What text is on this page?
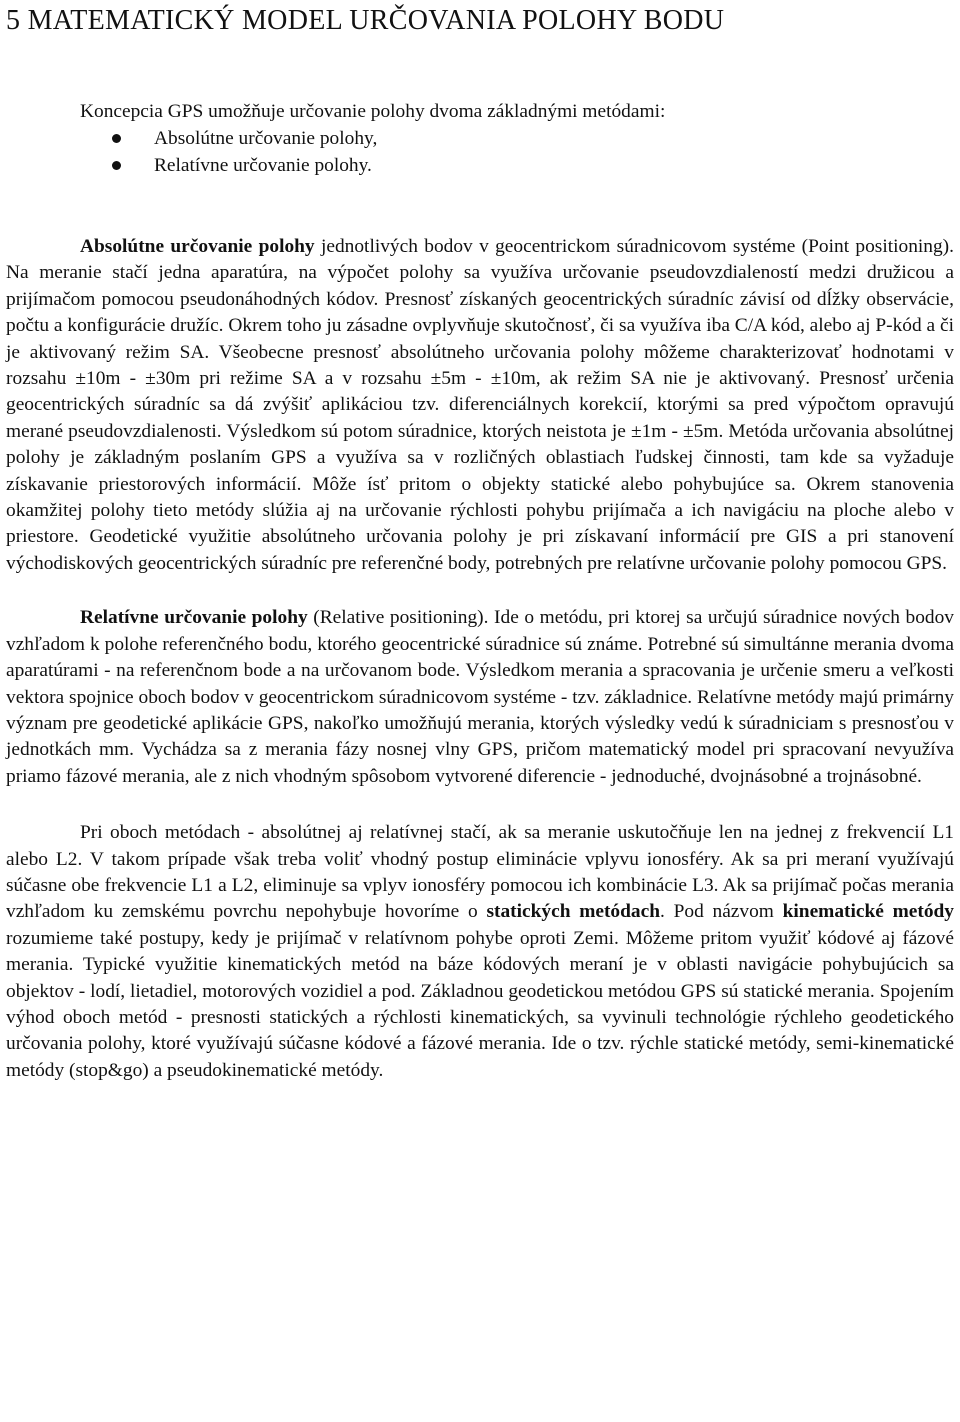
5 MATEMATICKÝ MODEL URČOVANIA POLOHY BODU
Koncepcia GPS umožňuje určovanie polohy dvoma základnými metódami:
Absolútne určovanie polohy,
Relatívne určovanie polohy.

Absolútne určovanie polohy jednotlivých bodov v geocentrickom súradnicovom systéme (Point positioning). Na meranie stačí jedna aparatúra, na výpočet polohy sa využíva určovanie pseudovzdialeností medzi družicou a prijímačom pomocou pseudonáhodných kódov. Presnosť získaných geocentrických súradníc závisí od dĺžky observácie, počtu a konfigurácie družíc. Okrem toho ju zásadne ovplyvňuje skutočnosť, či sa využíva iba C/A kód, alebo aj P-kód a či je aktivovaný režim SA. Všeobecne presnosť absolútneho určovania polohy môžeme charakterizovať hodnotami v rozsahu ±10m - ±30m pri režime SA a v rozsahu ±5m - ±10m, ak režim SA nie je aktivovaný. Presnosť určenia geocentrických súradníc sa dá zvýšiť aplikáciou tzv. diferenciálnych korekcií, ktorými sa pred výpočtom opravujú merané pseudovzdialenosti. Výsledkom sú potom súradnice, ktorých neistota je ±1m - ±5m. Metóda určovania absolútnej polohy je základným poslaním GPS a využíva sa v rozličných oblastiach ľudskej činnosti, tam kde sa vyžaduje získavanie priestorových informácií. Môže ísť pritom o objekty statické alebo pohybujúce sa. Okrem stanovenia okamžitej polohy tieto metódy slúžia aj na určovanie rýchlosti pohybu prijímača a ich navigáciu na ploche alebo v priestore. Geodetické využitie absolútneho určovania polohy je pri získavaní informácií pre GIS a pri stanovení východiskových geocentrických súradníc pre referenčné body, potrebných pre relatívne určovanie polohy pomocou GPS.

Relatívne určovanie polohy (Relative positioning). Ide o metódu, pri ktorej sa určujú súradnice nových bodov vzhľadom k polohe referenčného bodu, ktorého geocentrické súradnice sú známe. Potrebné sú simultánne merania dvoma aparatúrami - na referenčnom bode a na určovanom bode. Výsledkom merania a spracovania je určenie smeru a veľkosti vektora spojnice oboch bodov v geocentrickom súradnicovom systéme - tzv. základnice. Relatívne metódy majú primárny význam pre geodetické aplikácie GPS, nakoľko umožňujú merania, ktorých výsledky vedú k súradniciam s presnosťou v jednotkách mm. Vychádza sa z merania fázy nosnej vlny GPS, pričom matematický model pri spracovaní nevyužíva priamo fázové merania, ale z nich vhodným spôsobom vytvorené diferencie - jednoduché, dvojnásobné a trojnásobné.

Pri oboch metódach - absolútnej aj relatívnej stačí, ak sa meranie uskutočňuje len na jednej z frekvencií L1 alebo L2. V takom prípade však treba voliť vhodný postup eliminácie vplyvu ionosféry. Ak sa pri meraní využívajú súčasne obe frekvencie L1 a L2, eliminuje sa vplyv ionosféry pomocou ich kombinácie L3. Ak sa prijímač počas merania vzhľadom ku zemskému povrchu nepohybuje hovoríme o statických metódach. Pod názvom kinematické metódy rozumieme také postupy, kedy je prijímač v relatívnom pohybe oproti Zemi. Môžeme pritom využiť kódové aj fázové merania. Typické využitie kinematických metód na báze kódových meraní je v oblasti navigácie pohybujúcich sa objektov - lodí, lietadiel, motorových vozidiel a pod. Základnou geodetickou metódou GPS sú statické merania. Spojením výhod oboch metód - presnosti statických a rýchlosti kinematických, sa vyvinuli technológie rýchleho geodetického určovania polohy, ktoré využívajú súčasne kódové a fázové merania. Ide o tzv. rýchle statické metódy, semi-kinematické metódy (stop&go) a pseudokinematické metódy.
